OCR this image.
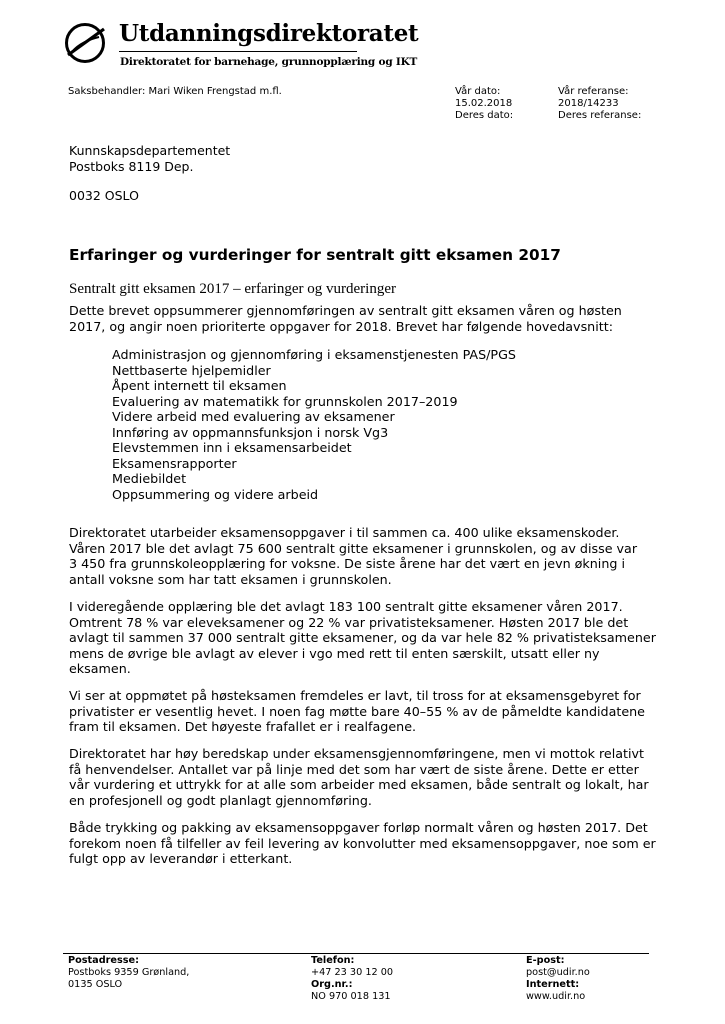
Utdanningsdirektoratet
Direktoratet for barnehage, grunnopplæring og IKT
Saksbehandler: Mari Wiken Frengstad m.fl.	Vår dato:
15.02.2018
Deres dato:
Vår referanse:
2018/14233
Deres referanse:
Kunnskapsdepartementet
Postboks 8119 Dep.
0032 OSLO
Erfaringer og vurderinger for sentralt gitt eksamen 2017
Sentralt gitt eksamen 2017 – erfaringer og vurderinger
Dette brevet oppsummerer gjennomføringen av sentralt gitt eksamen våren og høsten
2017, og angir noen prioriterte oppgaver for 2018. Brevet har følgende hovedavsnitt:
Administrasjon og gjennomføring i eksamenstjenesten PAS/PGS
Nettbaserte hjelpemidler
Åpent internett til eksamen
Evaluering av matematikk for grunnskolen 2017–2019
Videre arbeid med evaluering av eksamener
Innføring av oppmannsfunksjon i norsk Vg3
Elevstemmen inn i eksamensarbeidet
Eksamensrapporter
Mediebildet
Oppsummering og videre arbeid
Direktoratet utarbeider eksamensoppgaver i til sammen ca. 400 ulike eksamenskoder.
Våren 2017 ble det avlagt 75 600 sentralt gitte eksamener i grunnskolen, og av disse var
3 450 fra grunnskoleopplæring for voksne. De siste årene har det vært en jevn økning i
antall voksne som har tatt eksamen i grunnskolen.
I videregående opplæring ble det avlagt 183 100 sentralt gitte eksamener våren 2017.
Omtrent 78 % var eleveksamener og 22 % var privatisteksamener. Høsten 2017 ble det
avlagt til sammen 37 000 sentralt gitte eksamener, og da var hele 82 % privatisteksamener
mens de øvrige ble avlagt av elever i vgo med rett til enten særskilt, utsatt eller ny
eksamen.
Vi ser at oppmøtet på høsteksamen fremdeles er lavt, til tross for at eksamensgebyret for
privatister er vesentlig hevet. I noen fag møtte bare 40–55 % av de påmeldte kandidatene
fram til eksamen. Det høyeste frafallet er i realfagene.
Direktoratet har høy beredskap under eksamensgjennomføringene, men vi mottok relativt
få henvendelser. Antallet var på linje med det som har vært de siste årene. Dette er etter
vår vurdering et uttrykk for at alle som arbeider med eksamen, både sentralt og lokalt, har
en profesjonell og godt planlagt gjennomføring.
Både trykking og pakking av eksamensoppgaver forløp normalt våren og høsten 2017. Det
forekom noen få tilfeller av feil levering av konvolutter med eksamensoppgaver, noe som er
fulgt opp av leverandør i etterkant.
Postadresse:
Postboks 9359 Grønland,
0135 OSLO
Telefon:
+47 23 30 12 00
Org.nr.:
NO 970 018 131
E-post:
post@udir.no
Internett:
www.udir.no
